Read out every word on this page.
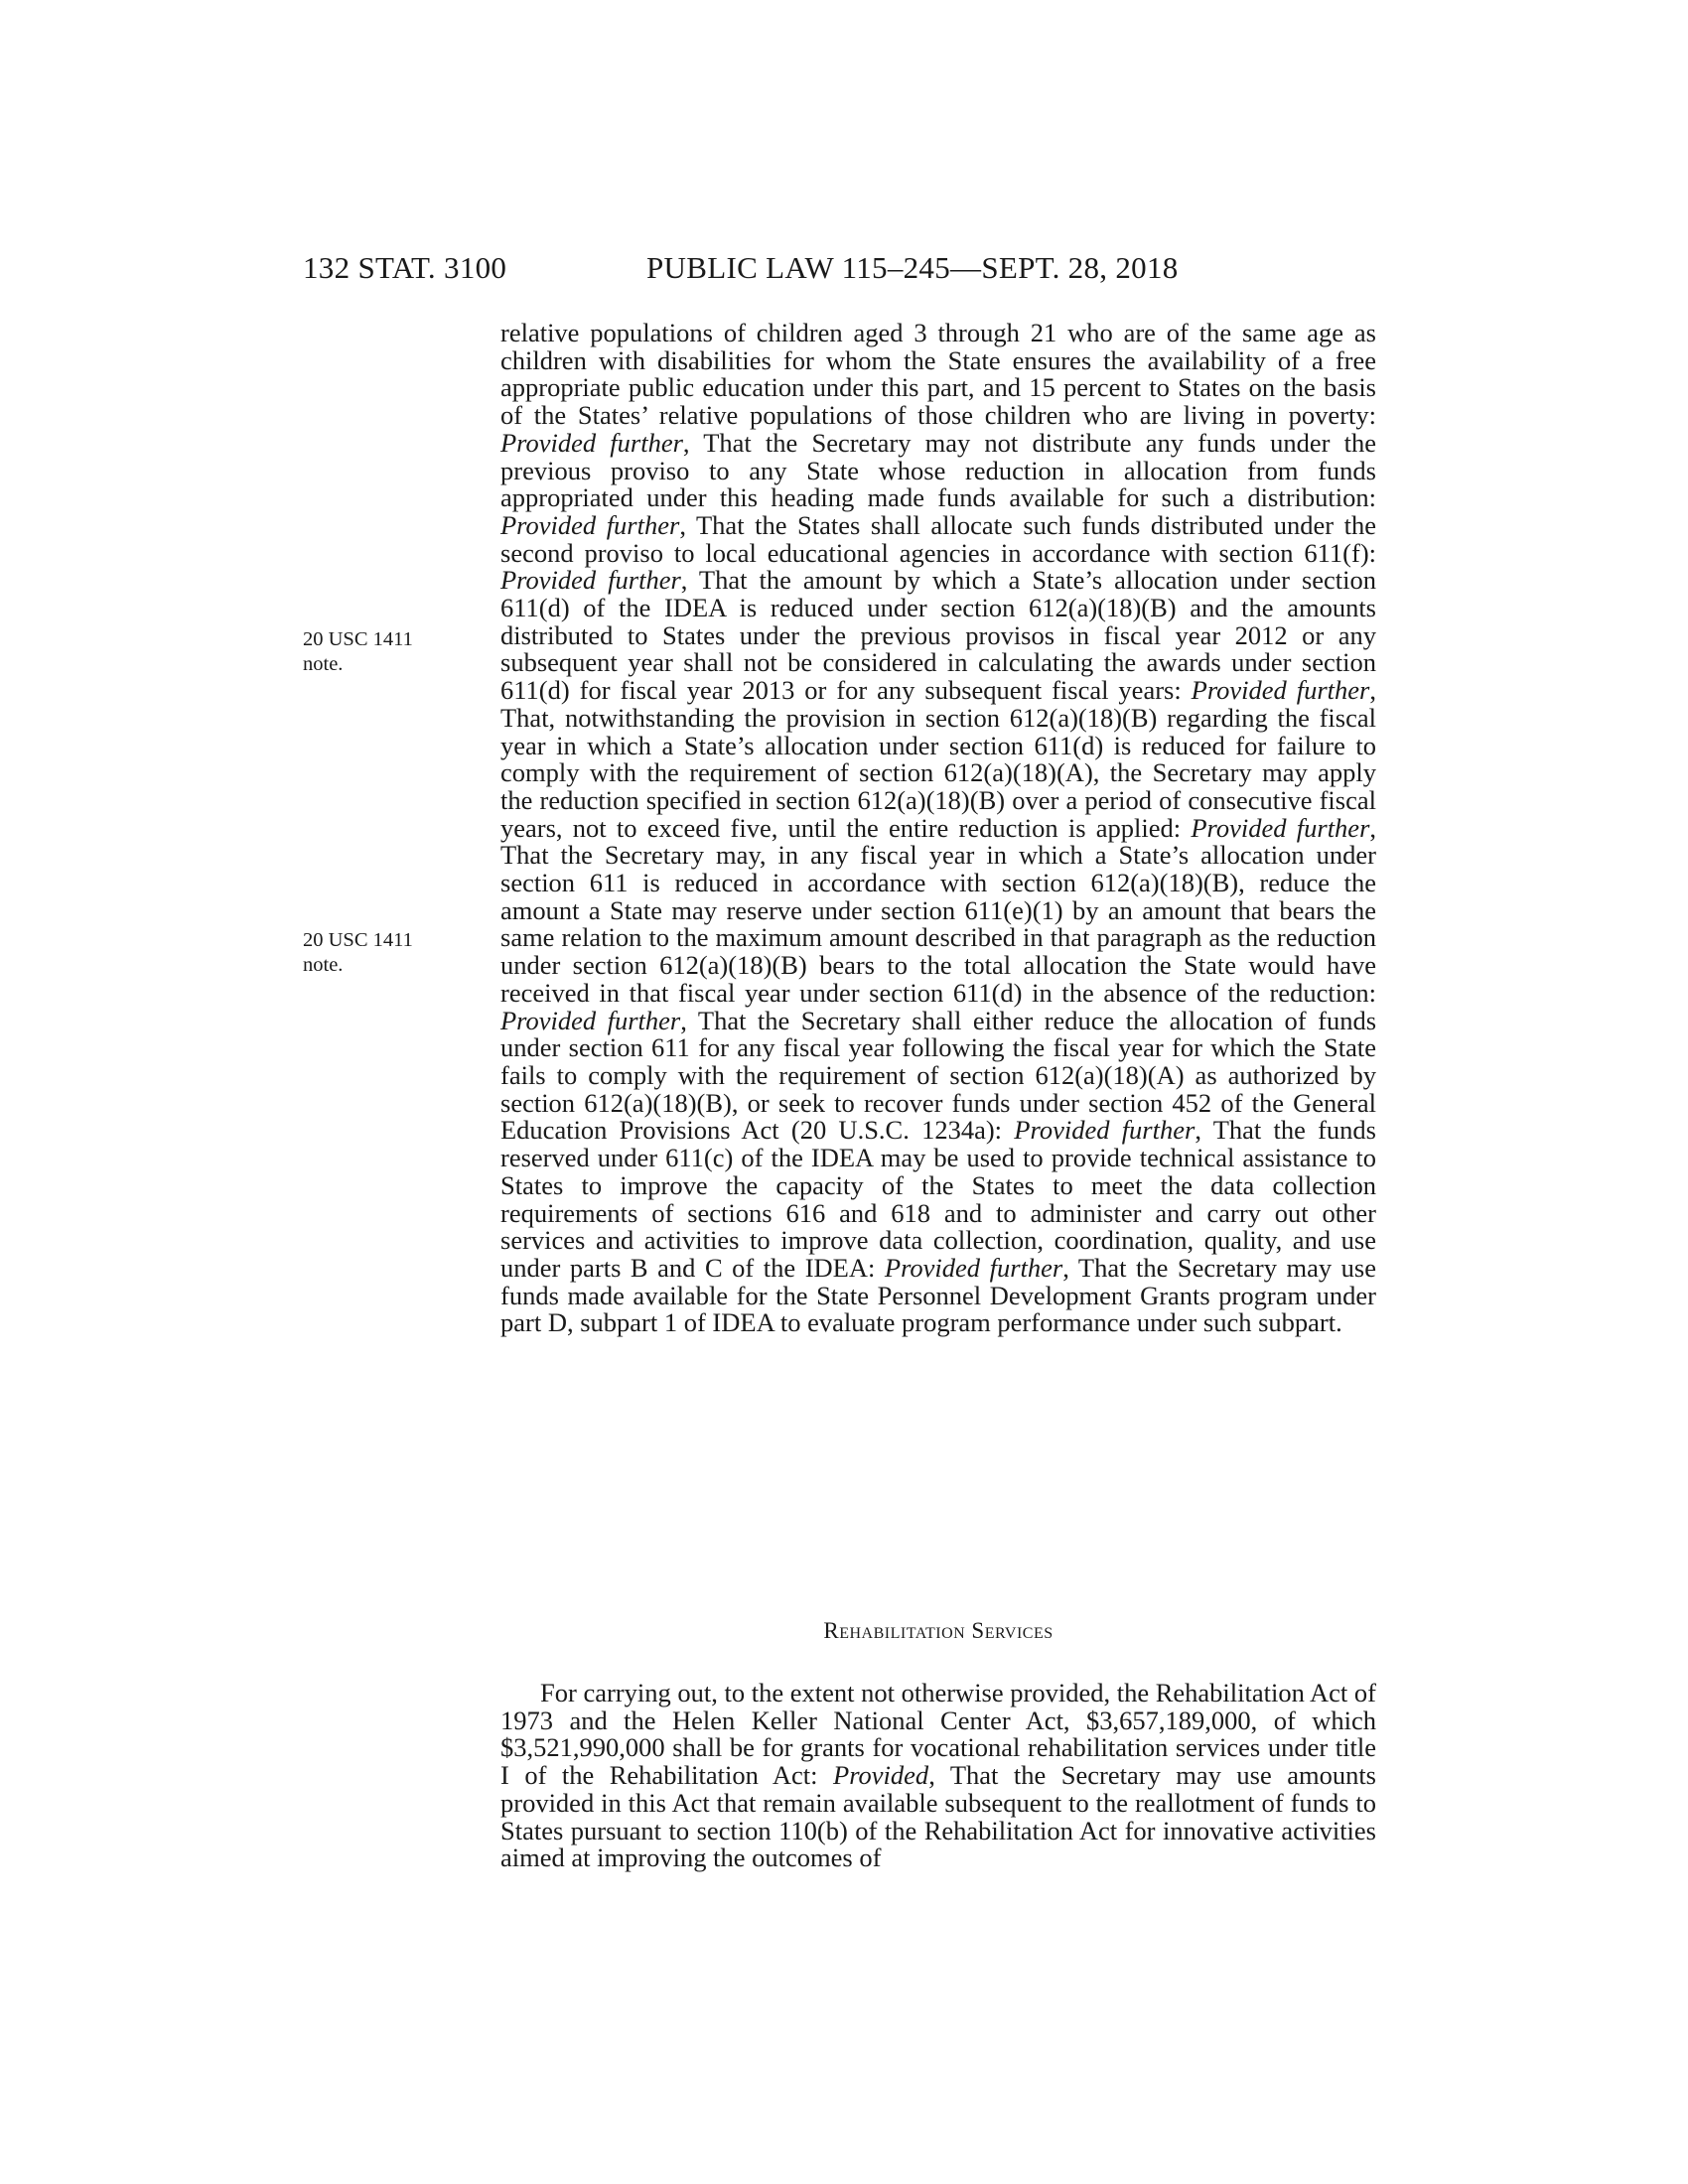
132 STAT. 3100	PUBLIC LAW 115–245—SEPT. 28, 2018
20 USC 1411
note.
20 USC 1411
note.

relative populations of children aged 3 through 21 who are of the same age as children with disabilities for whom the State ensures the availability of a free appropriate public education under this part, and 15 percent to States on the basis of the States’ relative populations of those children who are living in poverty: Provided further, That the Secretary may not distribute any funds under the previous proviso to any State whose reduction in allocation from funds appropriated under this heading made funds available for such a distribution: Provided further, That the States shall allocate such funds distributed under the second proviso to local educational agencies in accordance with section 611(f): Provided further, That the amount by which a State’s allocation under section 611(d) of the IDEA is reduced under section 612(a)(18)(B) and the amounts distributed to States under the previous provisos in fiscal year 2012 or any subsequent year shall not be considered in calculating the awards under section 611(d) for fiscal year 2013 or for any subsequent fiscal years: Provided further, That, notwithstanding the provision in section 612(a)(18)(B) regarding the fiscal year in which a State’s allocation under section 611(d) is reduced for failure to comply with the requirement of section 612(a)(18)(A), the Secretary may apply the reduction specified in section 612(a)(18)(B) over a period of consecutive fiscal years, not to exceed five, until the entire reduction is applied: Provided further, That the Secretary may, in any fiscal year in which a State’s allocation under section 611 is reduced in accordance with section 612(a)(18)(B), reduce the amount a State may reserve under section 611(e)(1) by an amount that bears the same relation to the maximum amount described in that paragraph as the reduction under section 612(a)(18)(B) bears to the total allocation the State would have received in that fiscal year under section 611(d) in the absence of the reduction: Provided further, That the Secretary shall either reduce the allocation of funds under section 611 for any fiscal year following the fiscal year for which the State fails to comply with the requirement of section 612(a)(18)(A) as authorized by section 612(a)(18)(B), or seek to recover funds under section 452 of the General Education Provisions Act (20 U.S.C. 1234a): Provided further, That the funds reserved under 611(c) of the IDEA may be used to provide technical assistance to States to improve the capacity of the States to meet the data collection requirements of sections 616 and 618 and to administer and carry out other services and activities to improve data collection, coordination, quality, and use under parts B and C of the IDEA: Provided further, That the Secretary may use funds made available for the State Personnel Development Grants program under part D, subpart 1 of IDEA to evaluate program performance under such subpart.

Rehabilitation Services

For carrying out, to the extent not otherwise provided, the Rehabilitation Act of 1973 and the Helen Keller National Center Act, $3,657,189,000, of which $3,521,990,000 shall be for grants for vocational rehabilitation services under title I of the Rehabilitation Act: Provided, That the Secretary may use amounts provided in this Act that remain available subsequent to the reallotment of funds to States pursuant to section 110(b) of the Rehabilitation Act for innovative activities aimed at improving the outcomes of
